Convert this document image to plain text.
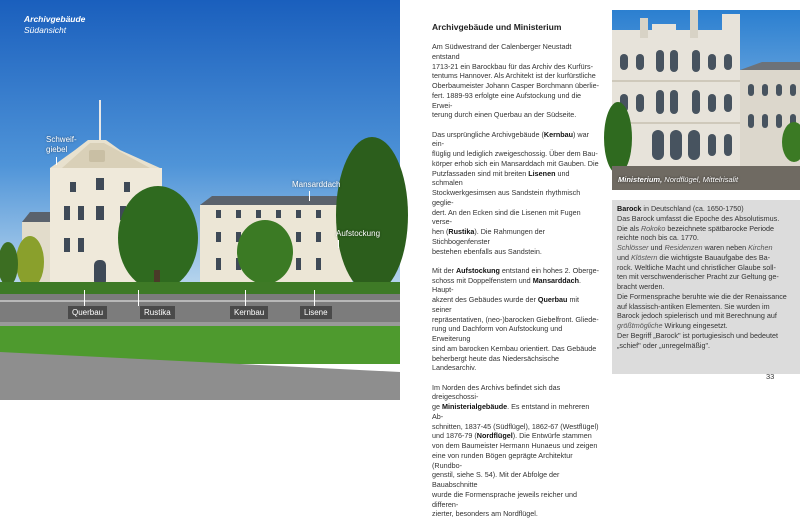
Archivgebäude
Südansicht
Schweif-
giebel
Mansarddach
Aufstockung
Querbau	Rustika	Kernbau	Lisene
Archivgebäude und Ministerium
Am Südwestrand der Calenberger Neustadt entstand
1713-21 ein Barockbau für das Archiv des Kurfürs-
tentums Hannover. Als Architekt ist der kurfürstliche
Oberbaumeister Johann Casper Borchmann überlie-
fert. 1889-93 erfolgte eine Aufstockung und die Erwei-
terung durch einen Querbau an der Südseite.
Das ursprüngliche Archivgebäude (Kernbau) war ein-
flüglig und lediglich zweigeschossig. Über dem Bau-
körper erhob sich ein Mansarddach mit Gauben. Die
Putzfassaden sind mit breiten Lisenen und schmalen
Stockwerkgesimsen aus Sandstein rhythmisch geglie-
dert. An den Ecken sind die Lisenen mit Fugen verse-
hen (Rustika). Die Rahmungen der Stichbogenfenster
bestehen ebenfalls aus Sandstein.
Mit der Aufstockung entstand ein hohes 2. Oberge-
schoss mit Doppelfenstern und Mansarddach. Haupt-
akzent des Gebäudes wurde der Querbau mit seiner
repräsentativen, (neo-)barocken Giebelfront. Gliede-
rung und Dachform von Aufstockung und Erweiterung
sind am barocken Kernbau orientiert. Das Gebäude
beherbergt heute das Niedersächsische Landesarchiv.
Im Norden des Archivs befindet sich das dreigeschossi-
ge Ministerialgebäude. Es entstand in mehreren Ab-
schnitten, 1837-45 (Südflügel), 1862-67 (Westflügel)
und 1876-79 (Nordflügel). Die Entwürfe stammen
von dem Baumeister Hermann Hunaeus und zeigen
eine von runden Bögen geprägte Architektur (Rundbo-
genstil, siehe S. 54). Mit der Abfolge der Bauabschnitte
wurde die Formensprache jeweils reicher und differen-
zierter, besonders am Nordflügel.
Ministerium, Nordflügel, Mittelrisalit
Barock in Deutschland (ca. 1650-1750)
Das Barock umfasst die Epoche des Absolutismus.
Die als Rokoko bezeichnete spätbarocke Periode
reichte noch bis ca. 1770.
Schlösser und Residenzen waren neben Kirchen
und Klöstern die wichtigste Bauaufgabe des Ba-
rock. Weltliche Macht und christlicher Glaube soll-
ten mit verschwenderischer Pracht zur Geltung ge-
bracht werden.
Die Formensprache beruhte wie die der Renaissance
auf klassisch-antiken Elementen. Sie wurden im
Barock jedoch spielerisch und mit Berechnung auf
größtmögliche Wirkung eingesetzt.
Der Begriff „Barock" ist portugiesisch und bedeutet
„schief" oder „unregelmäßig".
33
